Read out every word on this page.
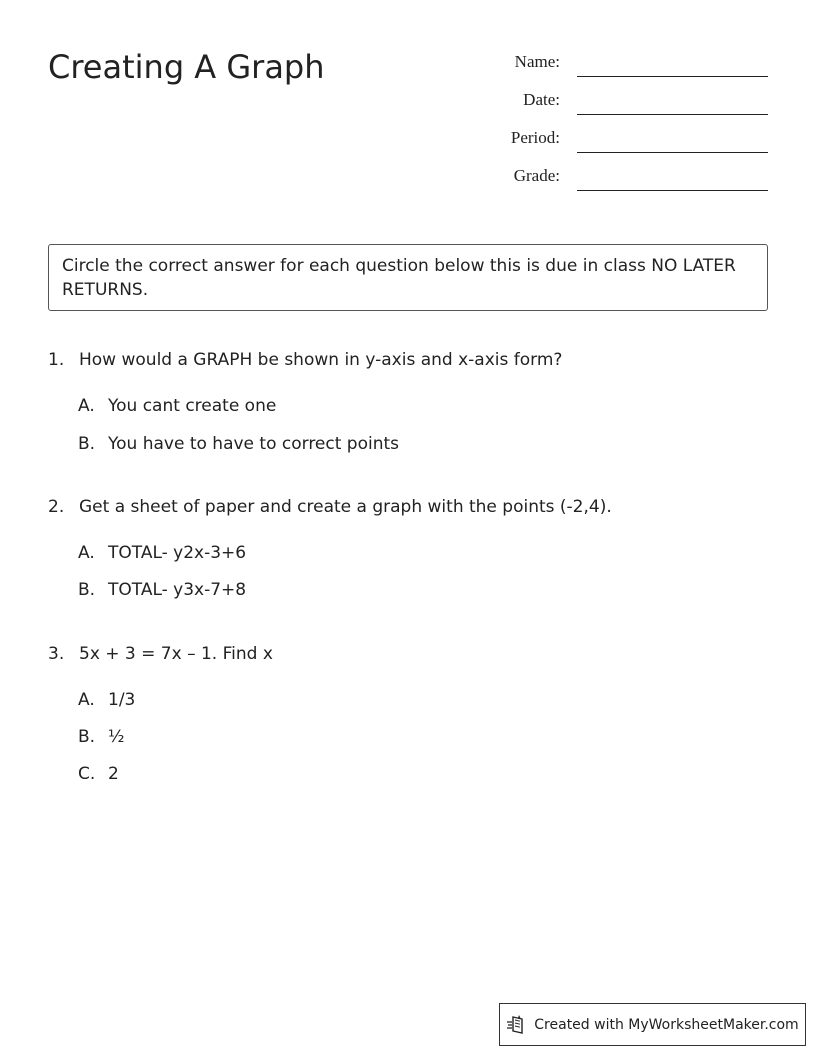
Creating A Graph	Name:
Date:
Period:
Grade:
Circle the correct answer for each question below this is due in class NO LATER RETURNS.
1. How would a GRAPH be shown in y-axis and x-axis form?
A. You cant create one
B. You have to have to correct points
2. Get a sheet of paper and create a graph with the points (-2,4).
A. TOTAL- y2x-3+6
B. TOTAL- y3x-7+8
3. 5x + 3 = 7x – 1. Find x
A. 1/3
B. ½
C. 2
Created with MyWorksheetMaker.com
